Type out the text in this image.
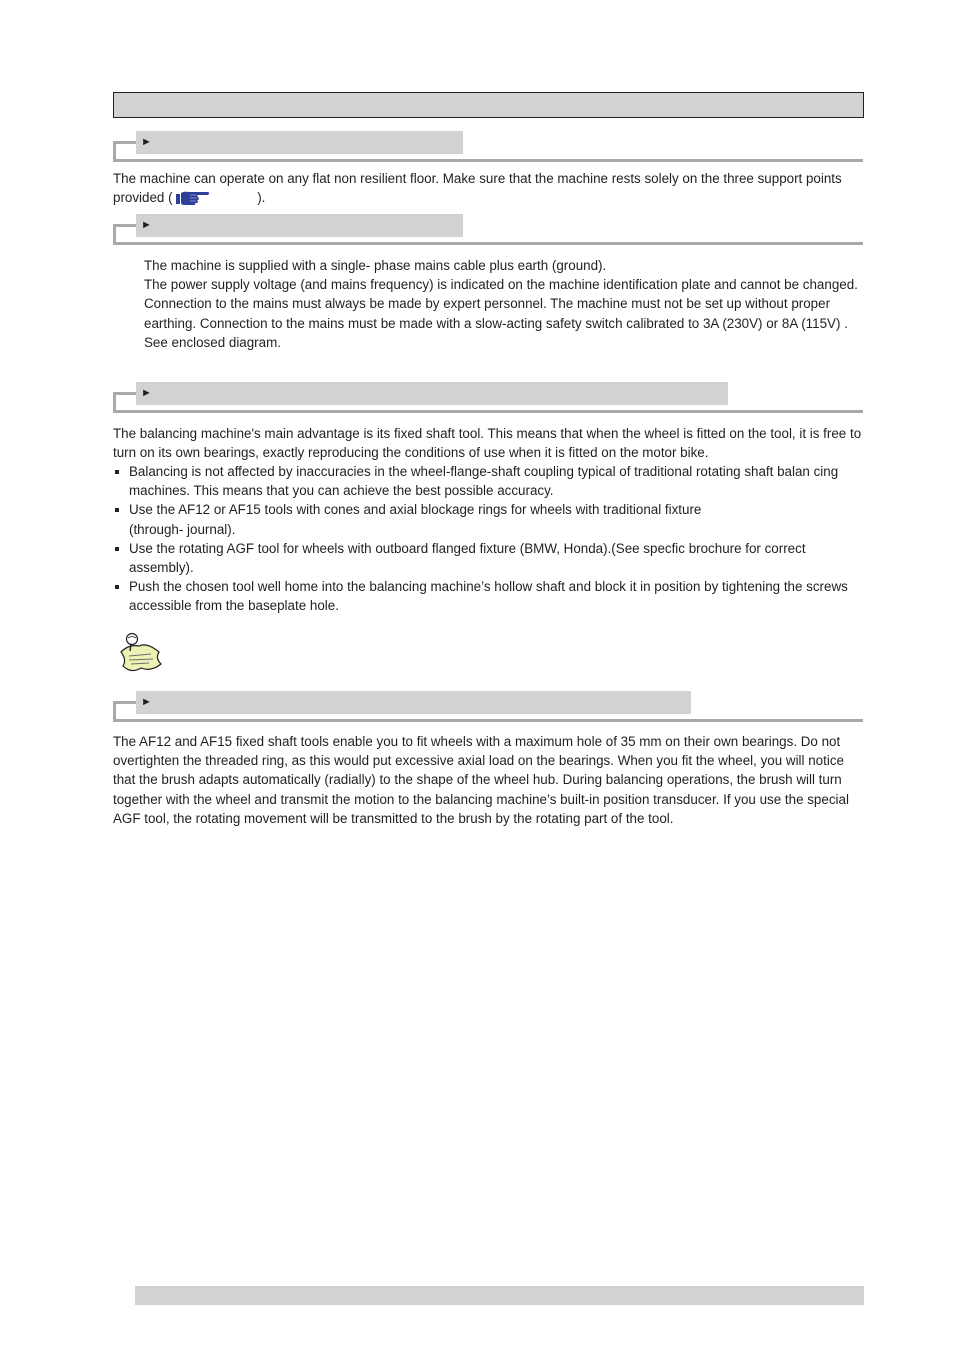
►

The machine can operate on any flat non resilient floor. Make sure that the machine rests solely on the three support points provided (	).

►

The machine is supplied with a single- phase mains cable plus earth (ground).
The power supply voltage (and mains frequency) is indicated on the machine identification plate and cannot be changed. Connection to the mains must always be made by expert personnel. The machine must not be set up without proper earthing. Connection to the mains must be made with a slow-acting safety switch calibrated to 3A (230V) or 8A (115V) . See enclosed diagram.

►

The balancing machine's main advantage is its fixed shaft tool. This means that when the wheel is fitted on the tool, it is free to turn on its own bearings, exactly reproducing the conditions of use when it is fitted on the motor bike.

Balancing is not affected by inaccuracies in the wheel-flange-shaft coupling typical of traditional rotating shaft balan cing machines. This means that you can achieve the best possible accuracy.
Use the AF12 or AF15 tools with cones and axial blockage rings for wheels with traditional fixture
(through- journal).
Use the rotating AGF tool for wheels with outboard flanged fixture (BMW, Honda).(See specfic brochure for correct assembly).
Push the chosen tool well home into the balancing machine’s hollow shaft and block it in position by tightening the screws accessible from the baseplate hole.
►

The AF12 and AF15 fixed shaft tools enable you to fit wheels with a maximum hole of 35 mm on their own bearings. Do not overtighten the threaded ring, as this would put excessive axial load on the bearings. When you fit the wheel, you will notice that the brush adapts automatically (radially) to the shape of the wheel hub. During balancing operations, the brush will turn together with the wheel and transmit the motion to the balancing machine’s built-in position transducer. If you use the special AGF tool, the rotating movement will be transmitted to the brush by the rotating part of the tool.
